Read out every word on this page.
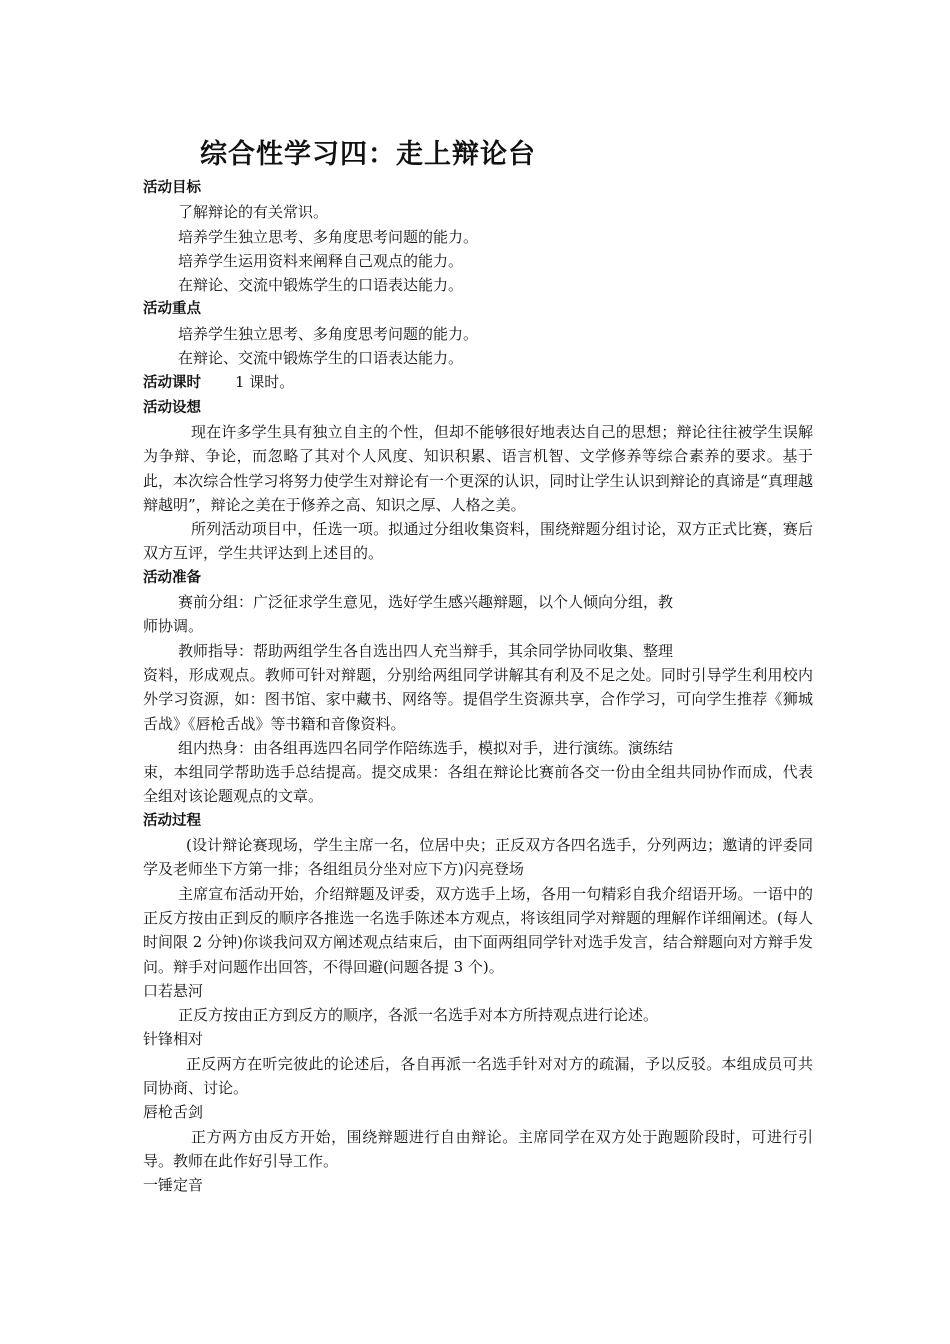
综合性学习四：走上辩论台
活动目标

了解辩论的有关常识。

培养学生独立思考、多角度思考问题的能力。

培养学生运用资料来阐释自己观点的能力。

在辩论、交流中锻炼学生的口语表达能力。

活动重点

培养学生独立思考、多角度思考问题的能力。

在辩论、交流中锻炼学生的口语表达能力。

活动课时 1 课时。
活动设想

现在许多学生具有独立自主的个性，但却不能够很好地表达自己的思想；辩论往往被学生误解为争辩、争论，而忽略了其对个人风度、知识积累、语言机智、文学修养等综合素养的要求。基于此，本次综合性学习将努力使学生对辩论有一个更深的认识，同时让学生认识到辩论的真谛是“真理越辩越明”，辩论之美在于修养之高、知识之厚、人格之美。

所列活动项目中，任选一项。拟通过分组收集资料，围绕辩题分组讨论，双方正式比赛，赛后双方互评，学生共评达到上述目的。

活动准备

赛前分组：广泛征求学生意见，选好学生感兴趣辩题，以个人倾向分组，教

师协调。

教师指导：帮助两组学生各自选出四人充当辩手，其余同学协同收集、整理

资料，形成观点。教师可针对辩题，分别给两组同学讲解其有利及不足之处。同时引导学生利用校内外学习资源，如：图书馆、家中藏书、网络等。提倡学生资源共享，合作学习，可向学生推荐《狮城舌战》《唇枪舌战》等书籍和音像资料。

组内热身：由各组再选四名同学作陪练选手，模拟对手，进行演练。演练结

束，本组同学帮助选手总结提高。提交成果：各组在辩论比赛前各交一份由全组共同协作而成，代表全组对该论题观点的文章。

活动过程

(设计辩论赛现场，学生主席一名，位居中央；正反双方各四名选手，分列两边；邀请的评委同学及老师坐下方第一排；各组组员分坐对应下方)闪亮登场

主席宣布活动开始，介绍辩题及评委，双方选手上场，各用一句精彩自我介绍语开场。一语中的正反方按由正到反的顺序各推选一名选手陈述本方观点，将该组同学对辩题的理解作详细阐述。(每人时间限 2 分钟)你谈我问双方阐述观点结束后，由下面两组同学针对选手发言，结合辩题向对方辩手发问。辩手对问题作出回答，不得回避(问题各提 3 个)。

口若悬河

正反方按由正方到反方的顺序，各派一名选手对本方所持观点进行论述。

针锋相对

正反两方在听完彼此的论述后，各自再派一名选手针对对方的疏漏，予以反驳。本组成员可共同协商、讨论。

唇枪舌剑

正方两方由反方开始，围绕辩题进行自由辩论。主席同学在双方处于跑题阶段时，可进行引导。教师在此作好引导工作。

一锤定音
